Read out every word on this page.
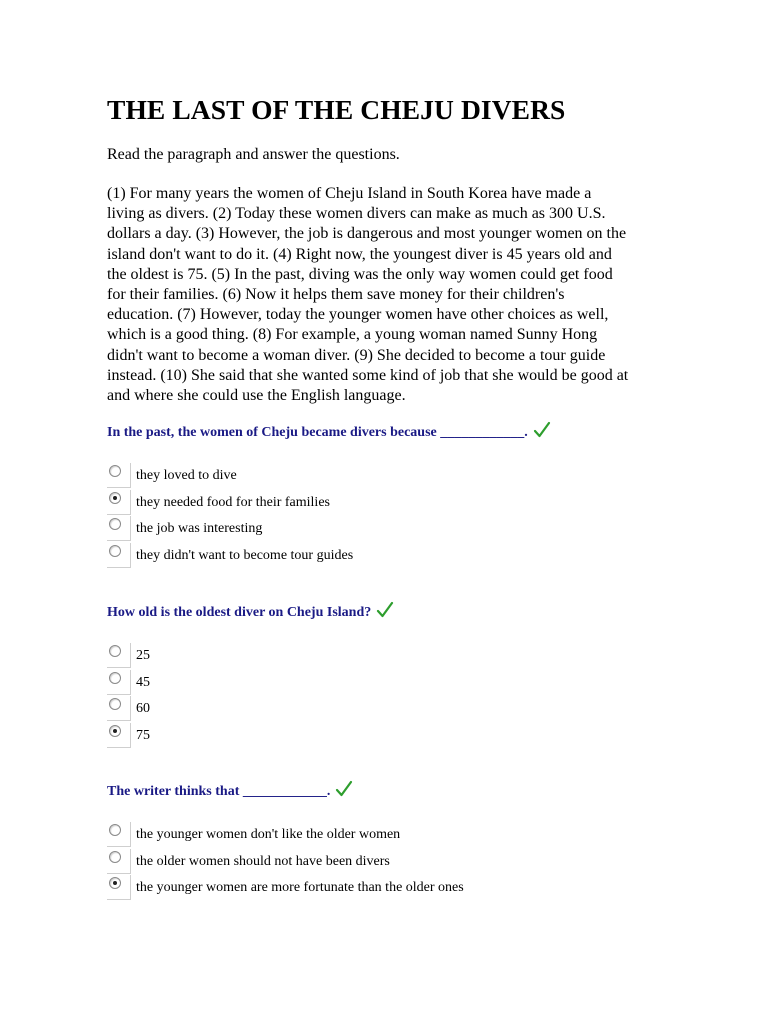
THE LAST OF THE CHEJU DIVERS

Read the paragraph and answer the questions.

(1) For many years the women of Cheju Island in South Korea have made a
living as divers. (2) Today these women divers can make as much as 300 U.S.
dollars a day. (3) However, the job is dangerous and most younger women on the
island don't want to do it. (4) Right now, the youngest diver is 45 years old and
the oldest is 75. (5) In the past, diving was the only way women could get food
for their families. (6) Now it helps them save money for their children's
education. (7) However, today the younger women have other choices as well,
which is a good thing. (8) For example, a young woman named Sunny Hong
didn't want to become a woman diver. (9) She decided to become a tour guide
instead. (10) She said that she wanted some kind of job that she would be good at
and where she could use the English language.
In the past, the women of Cheju became divers because ____________.
they loved to dive
they needed food for their families
the job was interesting
they didn't want to become tour guides
How old is the oldest diver on Cheju Island?
25
45
60
75
The writer thinks that ____________.
the younger women don't like the older women
the older women should not have been divers
the younger women are more fortunate than the older ones
